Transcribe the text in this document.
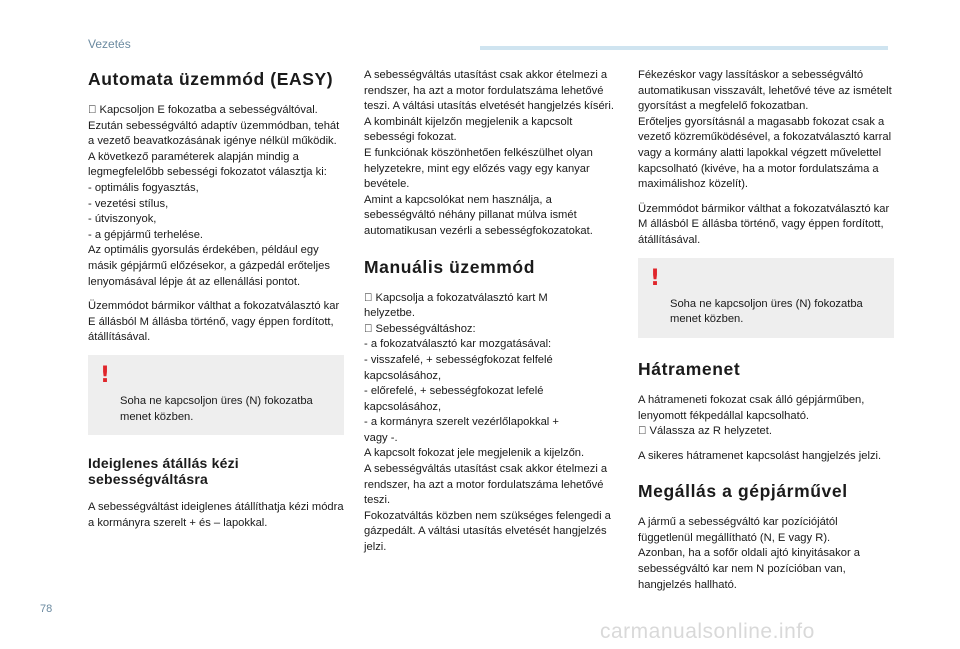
Vezetés
Automata üzemmód (EASY)

Kapcsoljon E fokozatba a sebességváltóval.
Ezután sebességváltó adaptív üzemmódban, tehát a vezető beavatkozásának igénye nélkül működik.
A következő paraméterek alapján mindig a legmegfelelőbb sebességi fokozatot választja ki:
- optimális fogyasztás,
- vezetési stílus,
- útviszonyok,
- a gépjármű terhelése.
Az optimális gyorsulás érdekében, például egy másik gépjármű előzésekor, a gázpedál erőteljes lenyomásával lépje át az ellenállási pontot.

Üzemmódot bármikor válthat a fokozatválasztó kar E állásból M állásba történő, vagy éppen fordított, átállításával.

!

Soha ne kapcsoljon üres (N) fokozatba menet közben.

Ideiglenes átállás kézi sebességváltásra

A sebességváltást ideiglenes átállíthatja kézi módra a kormányra szerelt + és – lapokkal.

A sebességváltás utasítást csak akkor ételmezi a rendszer, ha azt a motor fordulatszáma lehetővé teszi. A váltási utasítás elvetését hangjelzés kíséri.
A kombinált kijelzőn megjelenik a kapcsolt sebességi fokozat.
E funkciónak köszönhetően felkészülhet olyan helyzetekre, mint egy előzés vagy egy kanyar bevétele.
Amint a kapcsolókat nem használja, a sebességváltó néhány pillanat múlva ismét automatikusan vezérli a sebességfokozatokat.

Manuális üzemmód

Kapcsolja a fokozatválasztó kart M
helyzetbe.
Sebességváltáshoz:
- a fokozatválasztó kar mozgatásával:
- visszafelé, + sebességfokozat felfelé
kapcsolásához,
- előrefelé, + sebességfokozat lefelé
kapcsolásához,
- a kormányra szerelt vezérlőlapokkal +
vagy -.
A kapcsolt fokozat jele megjelenik a kijelzőn.
A sebességváltás utasítást csak akkor ételmezi a rendszer, ha azt a motor fordulatszáma lehetővé teszi.
Fokozatváltás közben nem szükséges felengedi a gázpedált. A váltási utasítás elvetését hangjelzés jelzi.

Fékezéskor vagy lassításkor a sebességváltó automatikusan visszavált, lehetővé téve az ismételt gyorsítást a megfelelő fokozatban.
Erőteljes gyorsításnál a magasabb fokozat csak a vezető közreműködésével, a fokozatválasztó karral vagy a kormány alatti lapokkal végzett művelettel kapcsolható (kivéve, ha a motor fordulatszáma a maximálishoz közelít).

Üzemmódot bármikor válthat a fokozatválasztó kar M állásból E állásba történő, vagy éppen fordított, átállításával.

!

Soha ne kapcsoljon üres (N) fokozatba menet közben.

Hátramenet

A hátrameneti fokozat csak álló gépjárműben, lenyomott fékpedállal kapcsolható.
Válassza az R helyzetet.

A sikeres hátramenet kapcsolást hangjelzés jelzi.

Megállás a gépjárművel

A jármű a sebességváltó kar pozíciójától függetlenül megállítható (N, E vagy R).
Azonban, ha a sofőr oldali ajtó kinyitásakor a sebességváltó kar nem N pozícióban van, hangjelzés hallható.

78
carmanualsonline.info
